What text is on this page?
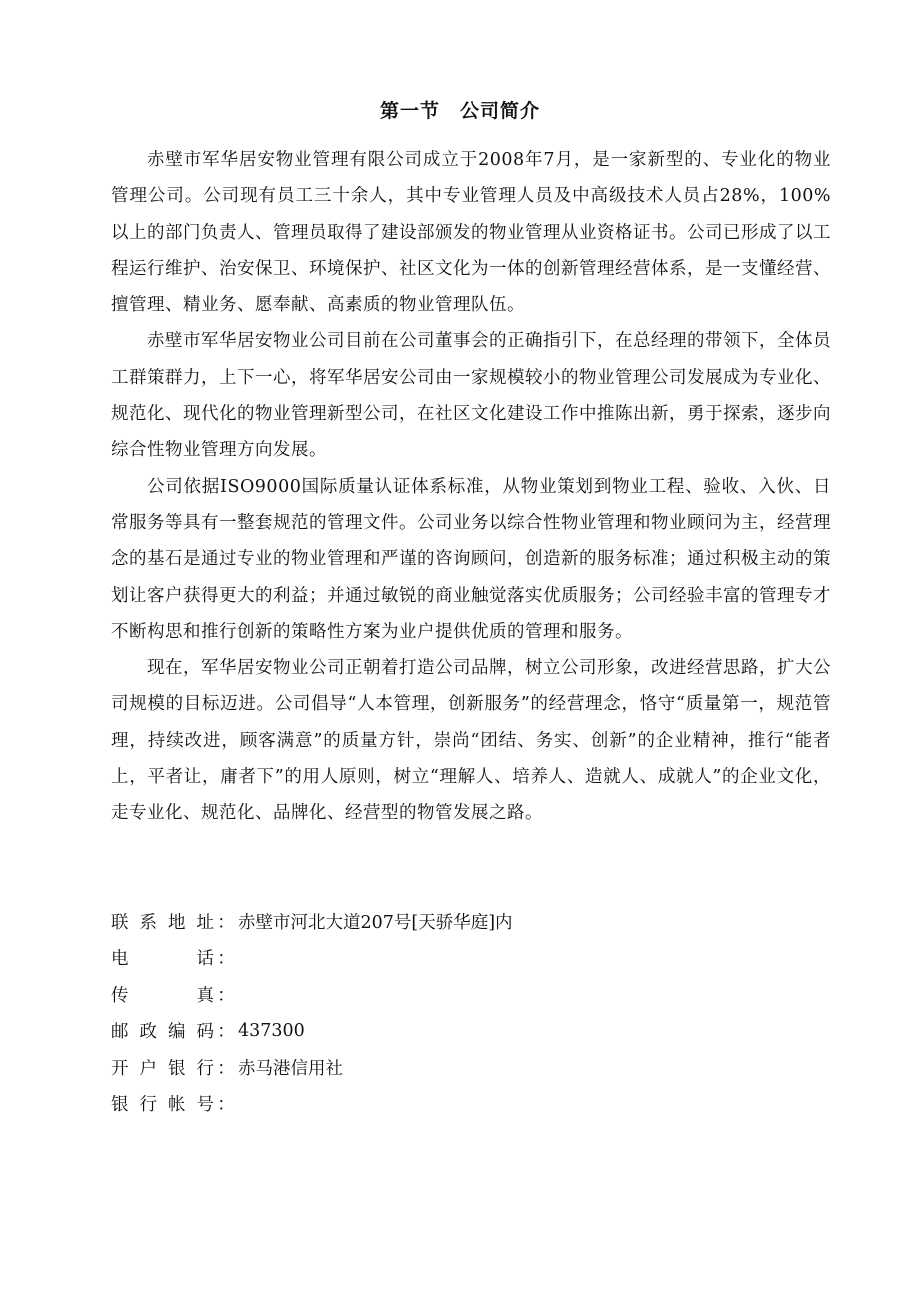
第一节 公司简介

赤壁市军华居安物业管理有限公司成立于2008年7月，是一家新型的、专业化的物业管理公司。公司现有员工三十余人，其中专业管理人员及中高级技术人员占28%，100%以上的部门负责人、管理员取得了建设部颁发的物业管理从业资格证书。公司已形成了以工程运行维护、治安保卫、环境保护、社区文化为一体的创新管理经营体系，是一支懂经营、擅管理、精业务、愿奉献、高素质的物业管理队伍。

赤壁市军华居安物业公司目前在公司董事会的正确指引下，在总经理的带领下，全体员工群策群力，上下一心，将军华居安公司由一家规模较小的物业管理公司发展成为专业化、规范化、现代化的物业管理新型公司，在社区文化建设工作中推陈出新，勇于探索，逐步向综合性物业管理方向发展。

公司依据ISO9000国际质量认证体系标准，从物业策划到物业工程、验收、入伙、日常服务等具有一整套规范的管理文件。公司业务以综合性物业管理和物业顾问为主，经营理念的基石是通过专业的物业管理和严谨的咨询顾问，创造新的服务标准；通过积极主动的策划让客户获得更大的利益；并通过敏锐的商业触觉落实优质服务；公司经验丰富的管理专才不断构思和推行创新的策略性方案为业户提供优质的管理和服务。

现在，军华居安物业公司正朝着打造公司品牌，树立公司形象，改进经营思路，扩大公司规模的目标迈进。公司倡导“人本管理，创新服务”的经营理念，恪守“质量第一，规范管理，持续改进，顾客满意”的质量方针，崇尚“团结、务实、创新”的企业精神，推行“能者上，平者让，庸者下”的用人原则，树立“理解人、培养人、造就人、成就人”的企业文化，走专业化、规范化、品牌化、经营型的物管发展之路。

联 系 地 址 ： 赤壁市河北大道207号[天骄华庭]内
电	话 ：
传	真 ：
邮 政 编 码 ： 437300
开 户 银 行 ： 赤马港信用社
银 行 帐 号 ：
